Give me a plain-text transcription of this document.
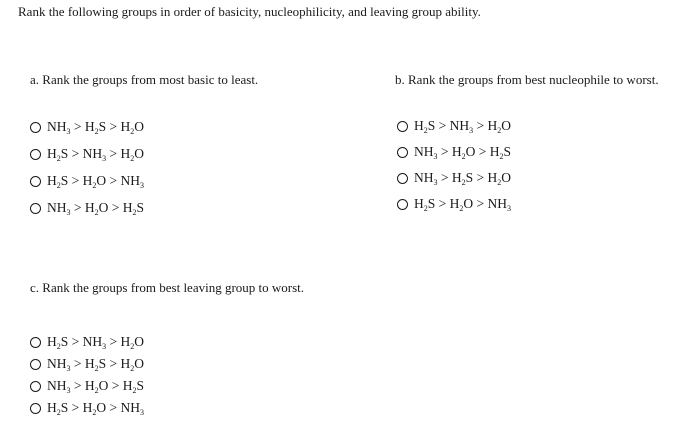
Rank the following groups in order of basicity, nucleophilicity, and leaving group ability.
a. Rank the groups from most basic to least.
$NH_3 > H_2S > H_2O$
$H_2S > NH_3 > H_2O$
$H_2S > H_2O > NH_3$
$NH_3 > H_2O > H_2S$
b. Rank the groups from best nucleophile to worst.
$H_2S > NH_3 > H_2O$
$NH_3 > H_2O > H_2S$
$NH_3 > H_2S > H_2O$
$H_2S > H_2O > NH_3$
c. Rank the groups from best leaving group to worst.
$H_2S > NH_3 > H_2O$
$NH_3 > H_2S > H_2O$
$NH_3 > H_2O > H_2S$
$H_2S > H_2O > NH_3$
